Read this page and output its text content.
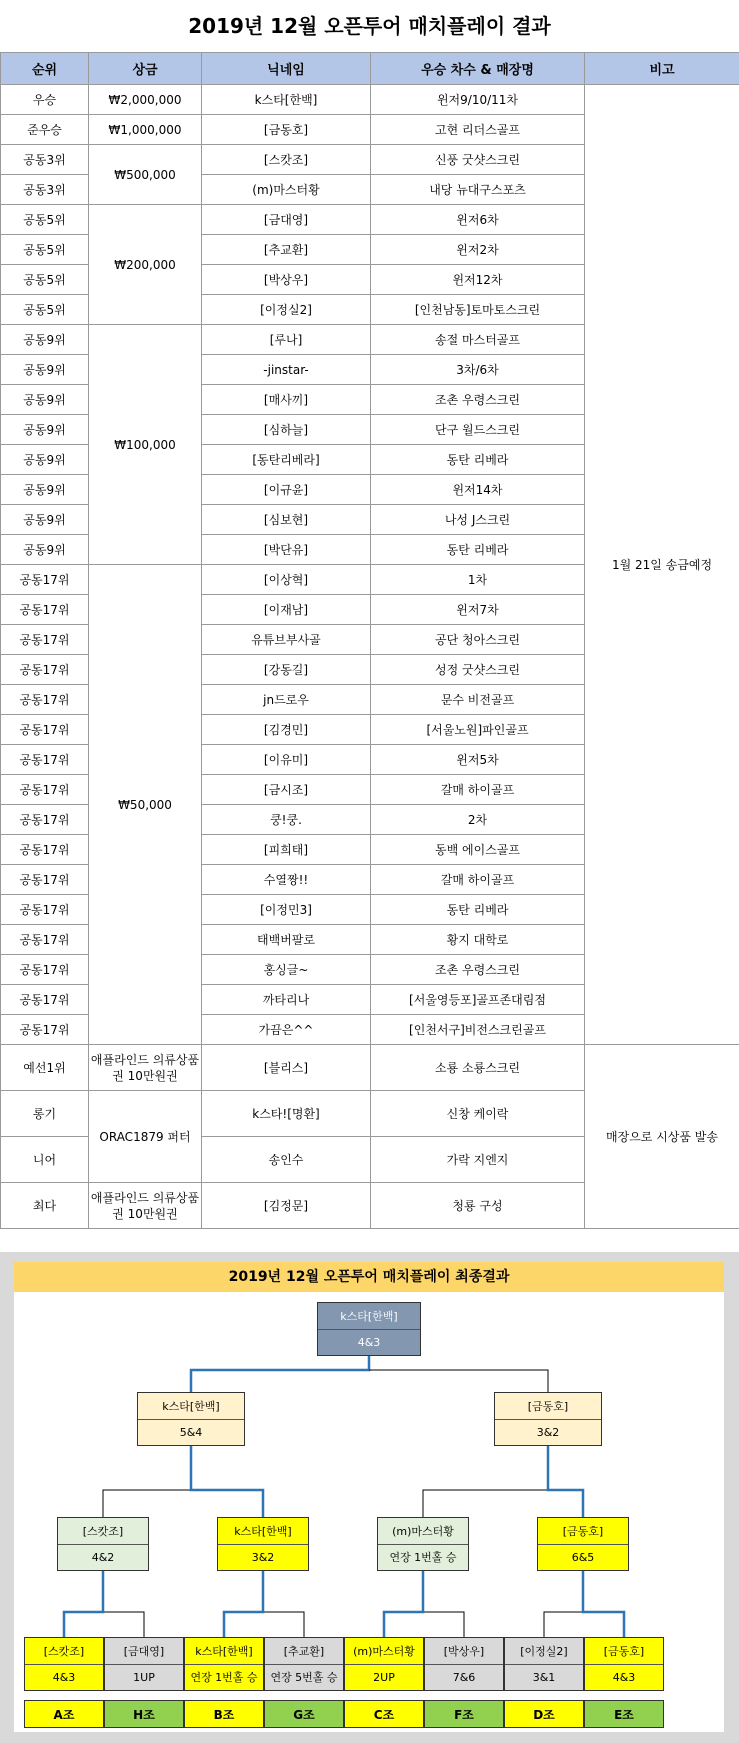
2019년 12월 오픈투어 매치플레이 결과
순위	상금	닉네임	우승 차수 & 매장명	비고
우승	₩2,000,000	k스타[한백]	윈저9/10/11차	1월 21일 송금예정
준우승	₩1,000,000	[금동호]	고현 리더스골프	
공동3위	₩500,000	[스캇조]	신풍 굿샷스크린	
공동3위		(m)마스터황	내당 뉴대구스포츠	
공동5위	₩200,000	[금대영]	윈저6차	
공동5위		[추교환]	윈저2차	
공동5위		[박상우]	윈저12차	
공동5위		[이정실2]	[인천남동]토마토스크린	
공동9위	₩100,000	[루나]	송절 마스터골프	
공동9위		-jinstar-	3차/6차	
공동9위		[매사끼]	조촌 우령스크린	
공동9위		[심하늘]	단구 월드스크린	
공동9위		[동탄리베라]	동탄 리베라	
공동9위		[이규윤]	윈저14차	
공동9위		[심보현]	나성 J스크린	
공동9위		[박단유]	동탄 리베라	
공동17위	₩50,000	[이상혁]	1차	
공동17위		[이재남]	윈저7차	
공동17위		유튜브부사골	공단 청아스크린	
공동17위		[강동길]	성정 굿샷스크린	
공동17위		jn드로우	문수 비전골프	
공동17위		[김경민]	[서울노원]파인골프	
공동17위		[이유미]	윈저5차	
공동17위		[금시조]	갈매 하이골프	
공동17위		쿵!쿵.	2차	
공동17위		[피희태]	동백 에이스골프	
공동17위		수열짱!!	갈매 하이골프	
공동17위		[이정민3]	동탄 리베라	
공동17위		태백버팔로	황지 대학로	
공동17위		홍싱글~	조촌 우령스크린	
공동17위		까타리나	[서울영등포]골프존대림점	
공동17위		가끔은^^	[인천서구]비전스크린골프	
예선1위	애플라인드 의류상품권 10만원권	[블리스]	소룡 소룡스크린	매장으로 시상품 발송
롱기	ORAC1879 퍼터	k스타![명환]	신창 케이락	
니어		송인수	가락 지엔지	
최다	애플라인드 의류상품권 10만원권	[김정문]	청룡 구성	
2019년 12월 오픈투어 매치플레이 최종결과
k스타[한백]
4&3
k스타[한백]
5&4
[금동호]
3&2
[스캇조]
4&2
k스타[한백]
3&2
(m)마스터황
연장 1번홀 승
[금동호]
6&5
[스캇조]
4&3
[금대영]
1UP
k스타[한백]
연장 1번홀 승
[추교환]
연장 5번홀 승
(m)마스터황
2UP
[박상우]
7&6
[이정실2]
3&1
[금동호]
4&3
A조	H조	B조	G조	C조	F조	D조	E조
